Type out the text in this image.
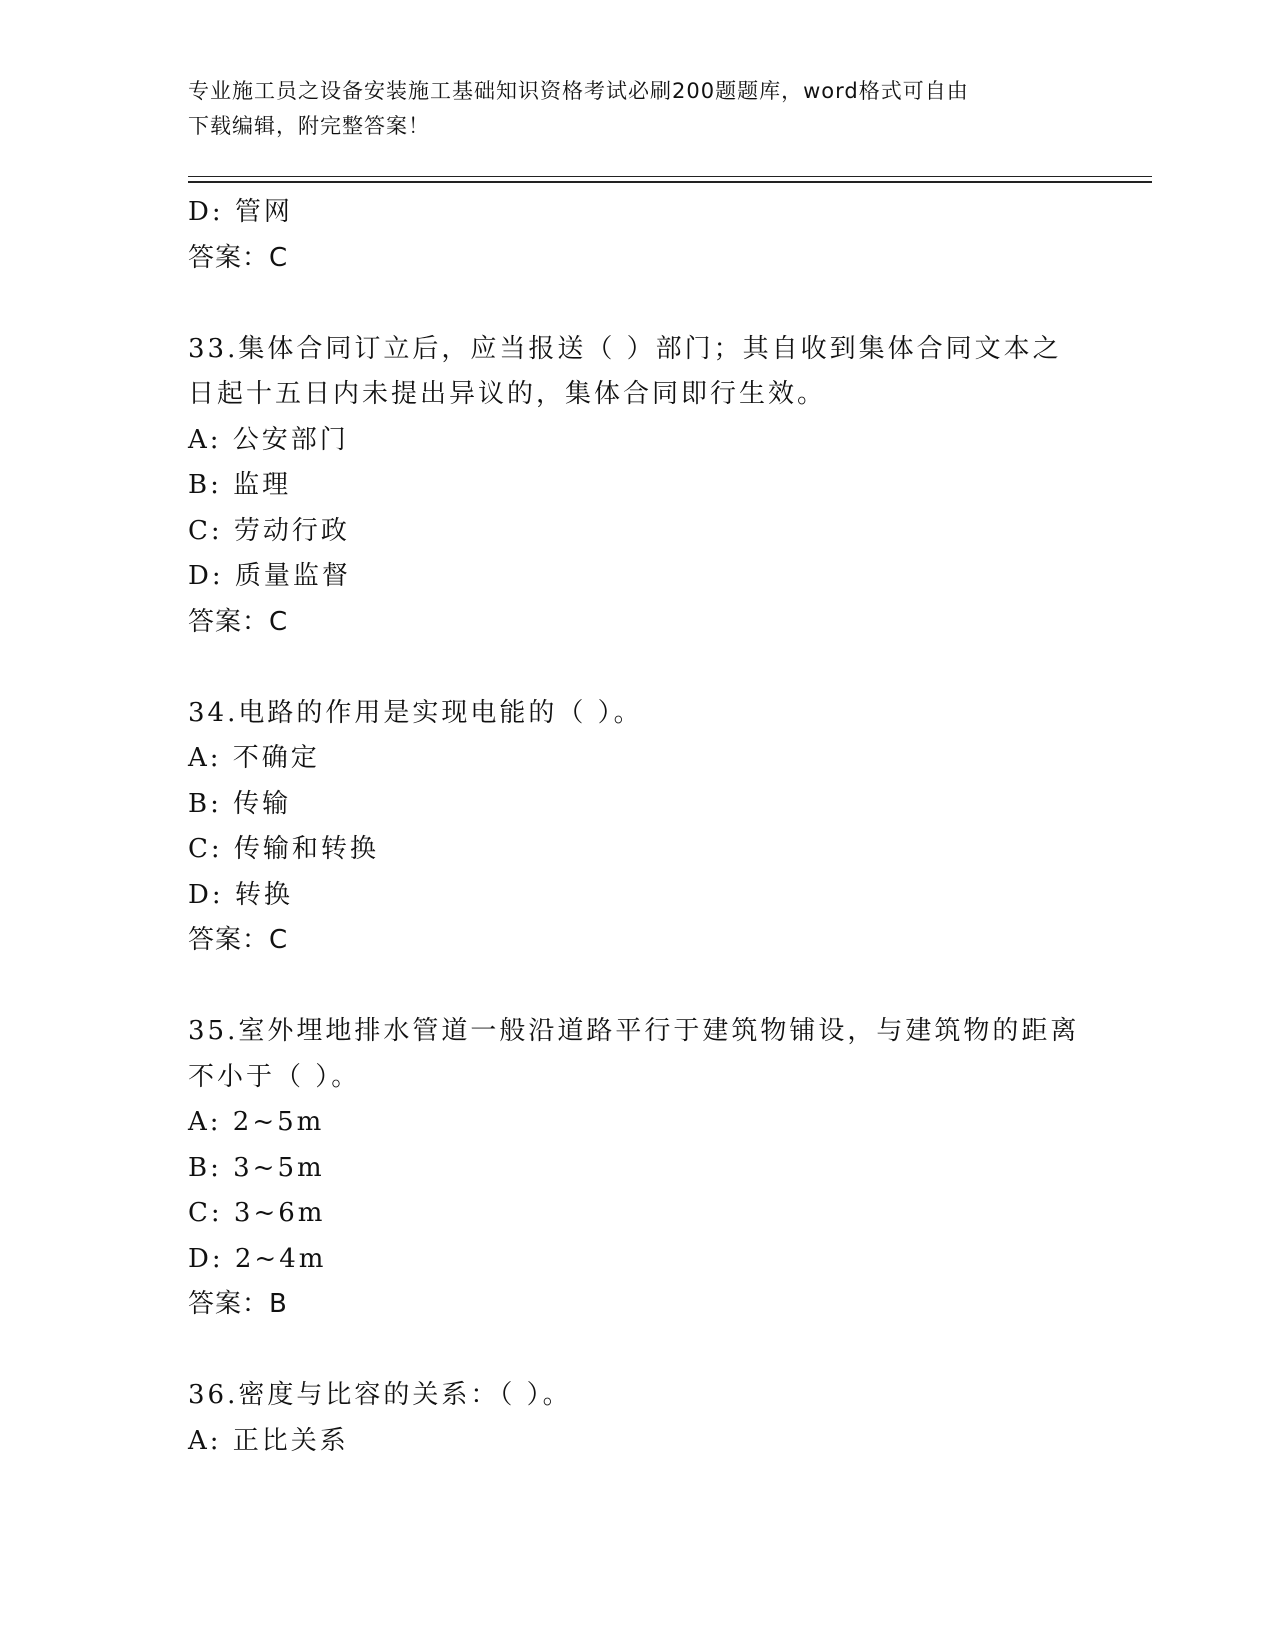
专业施工员之设备安装施工基础知识资格考试必刷200题题库，word格式可自由
下载编辑，附完整答案！
D: 管网
答案：C
33.集体合同订立后，应当报送（ ）部门；其自收到集体合同文本之
日起十五日内未提出异议的，集体合同即行生效。
A: 公安部门
B: 监理
C: 劳动行政
D: 质量监督
答案：C
34.电路的作用是实现电能的（ ）。
A: 不确定
B: 传输
C: 传输和转换
D: 转换
答案：C
35.室外埋地排水管道一般沿道路平行于建筑物铺设，与建筑物的距离
不小于（ ）。
A: 2~5m
B: 3~5m
C: 3~6m
D: 2~4m
答案：B
36.密度与比容的关系：（ ）。
A: 正比关系
